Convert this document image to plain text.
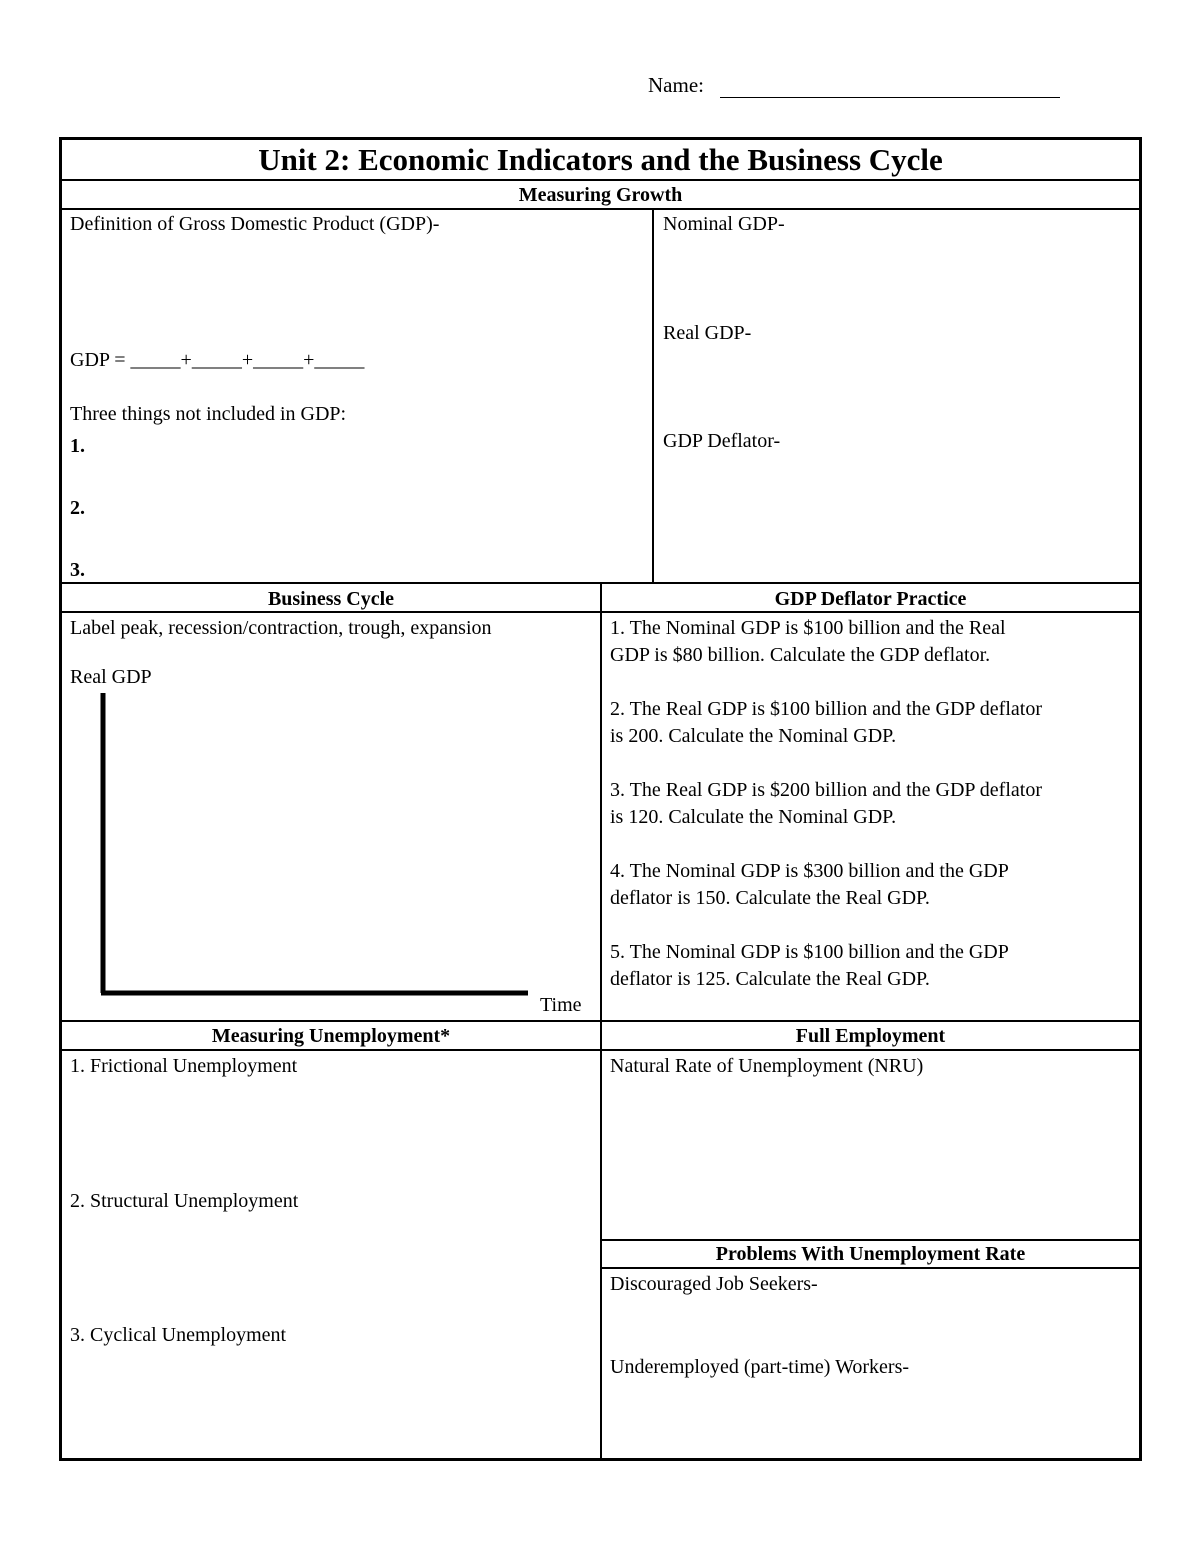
Name:
Unit 2: Economic Indicators and the Business Cycle
Measuring Growth
Definition of Gross Domestic Product (GDP)-
GDP = _____+_____+_____+_____
Three things not included in GDP:
1.
2.
3.
Nominal GDP-
Real GDP-
GDP Deflator-
Business Cycle
Label peak, recession/contraction, trough, expansion
Real GDP
Time
GDP Deflator Practice
1. The Nominal GDP is $100 billion and the Real
GDP is $80 billion. Calculate the GDP deflator.
2. The Real GDP is $100 billion and the GDP deflator
is 200. Calculate the Nominal GDP.
3. The Real GDP is $200 billion and the GDP deflator
is 120. Calculate the Nominal GDP.
4. The Nominal GDP is $300 billion and the GDP
deflator is 150. Calculate the Real GDP.
5. The Nominal GDP is $100 billion and the GDP
deflator is 125. Calculate the Real GDP.
Measuring Unemployment*
1. Frictional Unemployment
2. Structural Unemployment
3. Cyclical Unemployment
Full Employment
Natural Rate of Unemployment (NRU)
Problems With Unemployment Rate
Discouraged Job Seekers-
Underemployed (part-time) Workers-
